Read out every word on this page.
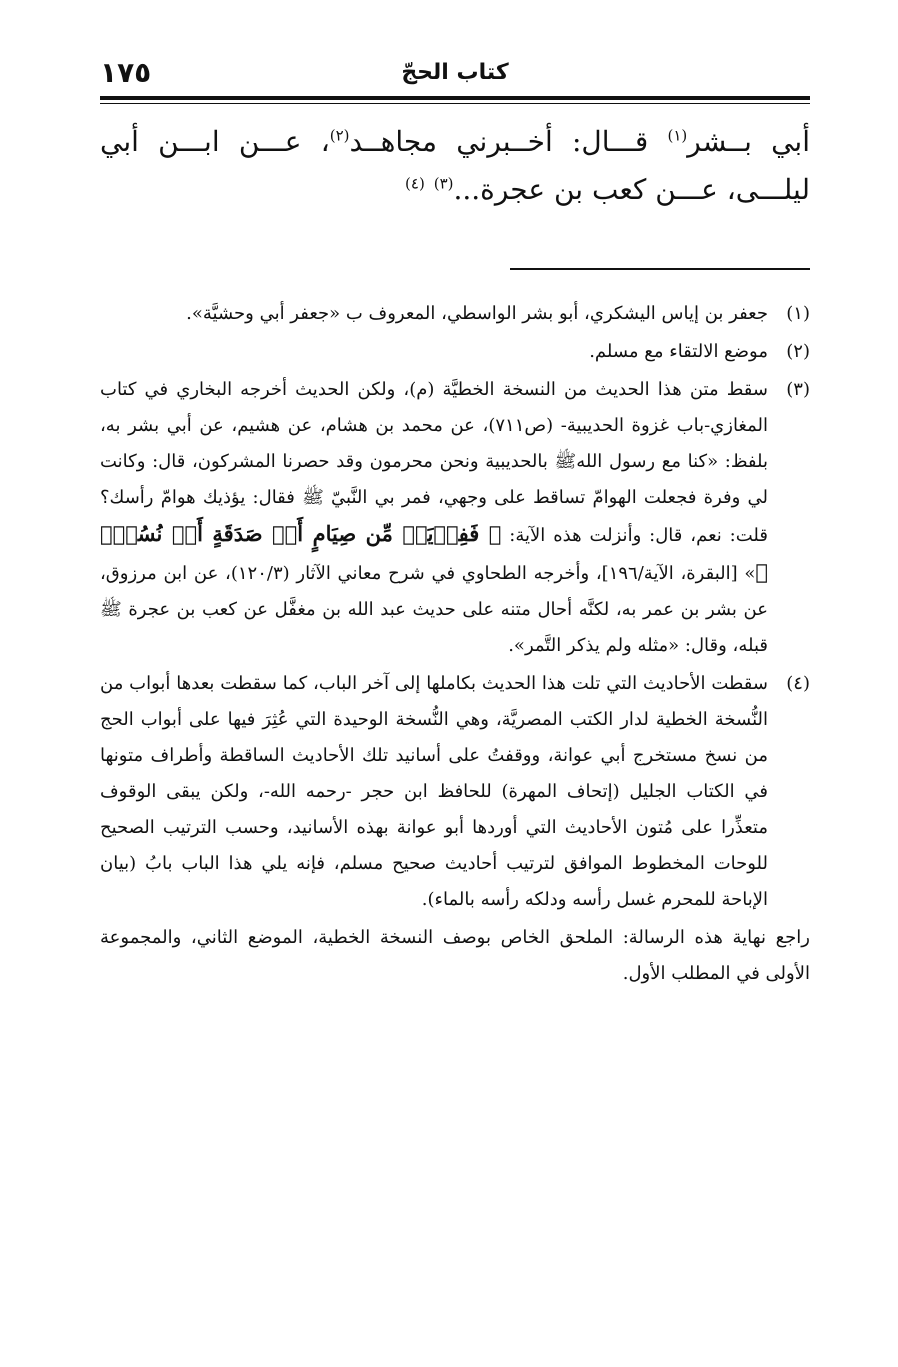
كتاب الحجّ
١٧٥
أبي بــشر$^{(١)}$ قـــال: أخــبرني مجاهــد$^{(٢)}$، عـــن ابـــن أبي ليلـــى، عـــن كعب بن عجرة...$^{(٣)}$ $^{(٤)}$
(١)
جعفر بن إياس اليشكري، أبو بشر الواسطي، المعروف ب «جعفر أبي وحشيَّة».
(٢)
موضع الالتقاء مع مسلم.
(٣)
سقط متن هذا الحديث من النسخة الخطيَّة (م)، ولكن الحديث أخرجه البخاري في كتاب المغازي-باب غزوة الحديبية- (ص٧١١)، عن محمد بن هشام، عن هشيم، عن أبي بشر به، بلفظ: «كنا مع رسول اللهﷺ بالحديبية ونحن محرمون وقد حصرنا المشركون، قال: وكانت لي وفرة فجعلت الهوامّ تساقط على وجهي، فمر بي النَّبيّ ﷺ فقال: يؤذيك هوامّ رأسك؟ قلت: نعم، قال: وأنزلت هذه الآية: ﴿ فَفِدۡيَةٞ مِّن صِيَامٍ أَوۡ صَدَقَةٍ أَوۡ نُسُكٖۚ ﴾» [البقرة، الآية/١٩٦]، وأخرجه الطحاوي في شرح معاني الآثار (١٢٠/٣)، عن ابن مرزوق، عن بشر بن عمر به، لكنَّه أحال متنه على حديث عبد الله بن مغفَّل عن كعب بن عجرة ﷺ قبله، وقال: «مثله ولم يذكر التَّمر».
(٤)
سقطت الأحاديث التي تلت هذا الحديث بكاملها إلى آخر الباب، كما سقطت بعدها أبواب من النُّسخة الخطية لدار الكتب المصريَّة، وهي النُّسخة الوحيدة التي عُثِرَ فيها على أبواب الحج من نسخ مستخرج أبي عوانة، ووقفتُ على أسانيد تلك الأحاديث الساقطة وأطراف متونها في الكتاب الجليل (إتحاف المهرة) للحافظ ابن حجر -رحمه الله-، ولكن يبقى الوقوف متعذِّرا على مُتون الأحاديث التي أوردها أبو عوانة بهذه الأسانيد، وحسب الترتيب الصحيح للوحات المخطوط الموافق لترتيب أحاديث صحيح مسلم، فإنه يلي هذا الباب بابُ (بيان الإباحة للمحرم غسل رأسه ودلكه رأسه بالماء).
راجع نهاية هذه الرسالة: الملحق الخاص بوصف النسخة الخطية، الموضع الثاني، والمجموعة الأولى في المطلب الأول.
